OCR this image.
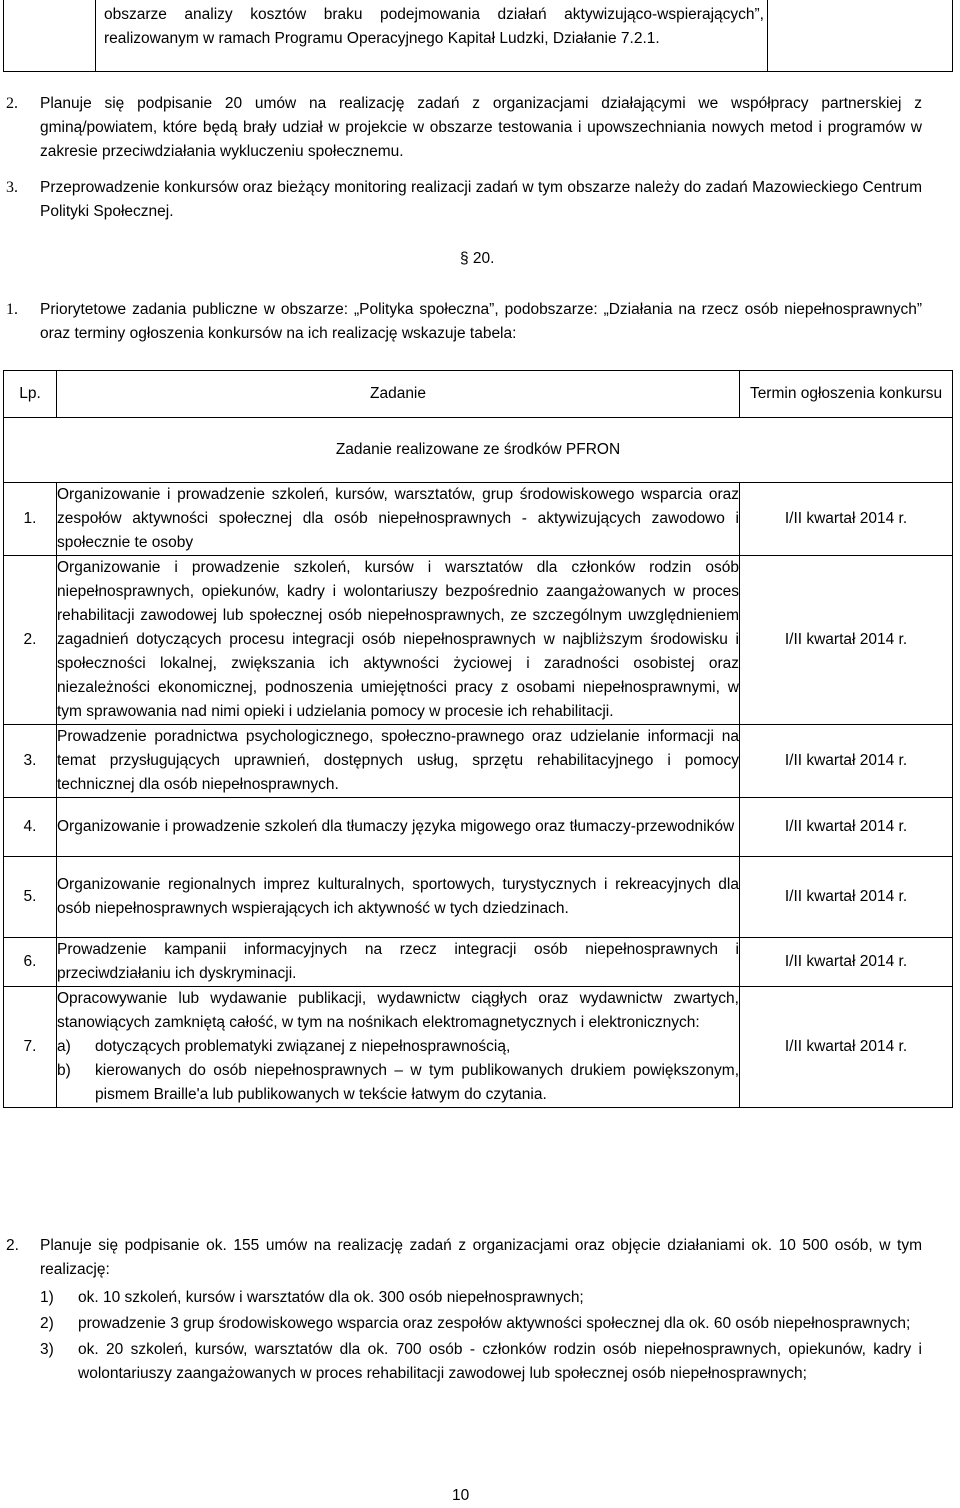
obszarze analizy kosztów braku podejmowania działań aktywizująco-wspierających”, realizowanym w ramach Programu Operacyjnego Kapitał Ludzki, Działanie 7.2.1.
2. Planuje się podpisanie 20 umów na realizację zadań z organizacjami działającymi we współpracy partnerskiej z gminą/powiatem, które będą brały udział w projekcie w obszarze testowania i upowszechniania nowych metod i programów w zakresie przeciwdziałania wykluczeniu społecznemu.
3. Przeprowadzenie konkursów oraz bieżący monitoring realizacji zadań w tym obszarze należy do zadań Mazowieckiego Centrum Polityki Społecznej.
§ 20.
1. Priorytetowe zadania publiczne w obszarze: „Polityka społeczna”, podobszarze: „Działania na rzecz osób niepełnosprawnych” oraz terminy ogłoszenia konkursów na ich realizację wskazuje tabela:
Lp.	Zadanie	Termin ogłoszenia konkursu
Zadanie realizowane ze środków PFRON		
1.	Organizowanie i prowadzenie szkoleń, kursów, warsztatów, grup środowiskowego wsparcia oraz zespołów aktywności społecznej dla osób niepełnosprawnych - aktywizujących zawodowo i społecznie te osoby	I/II kwartał 2014 r.
2.	Organizowanie i prowadzenie szkoleń, kursów i warsztatów dla członków rodzin osób niepełnosprawnych, opiekunów, kadry i wolontariuszy bezpośrednio zaangażowanych w proces rehabilitacji zawodowej lub społecznej osób niepełnosprawnych, ze szczególnym uwzględnieniem zagadnień dotyczących procesu integracji osób niepełnosprawnych w najbliższym środowisku i społeczności lokalnej, zwiększania ich aktywności życiowej i zaradności osobistej oraz niezależności ekonomicznej, podnoszenia umiejętności pracy z osobami niepełnosprawnymi, w tym sprawowania nad nimi opieki i udzielania pomocy w procesie ich rehabilitacji.	I/II kwartał 2014 r.
3.	Prowadzenie poradnictwa psychologicznego, społeczno-prawnego oraz udzielanie informacji na temat przysługujących uprawnień, dostępnych usług, sprzętu rehabilitacyjnego i pomocy technicznej dla osób niepełnosprawnych.	I/II kwartał 2014 r.
4.	Organizowanie i prowadzenie szkoleń dla tłumaczy języka migowego oraz tłumaczy-przewodników	I/II kwartał 2014 r.
5.	Organizowanie regionalnych imprez kulturalnych, sportowych, turystycznych i rekreacyjnych dla osób niepełnosprawnych wspierających ich aktywność w tych dziedzinach.	I/II kwartał 2014 r.
6.	Prowadzenie kampanii informacyjnych na rzecz integracji osób niepełnosprawnych i przeciwdziałaniu ich dyskryminacji.	I/II kwartał 2014 r.
7.	Opracowywanie lub wydawanie publikacji, wydawnictw ciągłych oraz wydawnictw zwartych, stanowiących zamkniętą całość, w tym na nośnikach elektromagnetycznych i elektronicznych:
a) dotyczących problematyki związanej z niepełnosprawnością,
b) kierowanych do osób niepełnosprawnych – w tym publikowanych drukiem powiększonym, pismem Braille'a lub publikowanych w tekście łatwym do czytania.	I/II kwartał 2014 r.
2. Planuje się podpisanie ok. 155 umów na realizację zadań z organizacjami oraz objęcie działaniami ok. 10 500 osób, w tym realizację:
1) ok. 10 szkoleń, kursów i warsztatów dla ok. 300 osób niepełnosprawnych;
2) prowadzenie 3 grup środowiskowego wsparcia oraz zespołów aktywności społecznej dla ok. 60 osób niepełnosprawnych;
3) ok. 20 szkoleń, kursów, warsztatów dla ok. 700 osób - członków rodzin osób niepełnosprawnych, opiekunów, kadry i wolontariuszy zaangażowanych w proces rehabilitacji zawodowej lub społecznej osób niepełnosprawnych;
10
